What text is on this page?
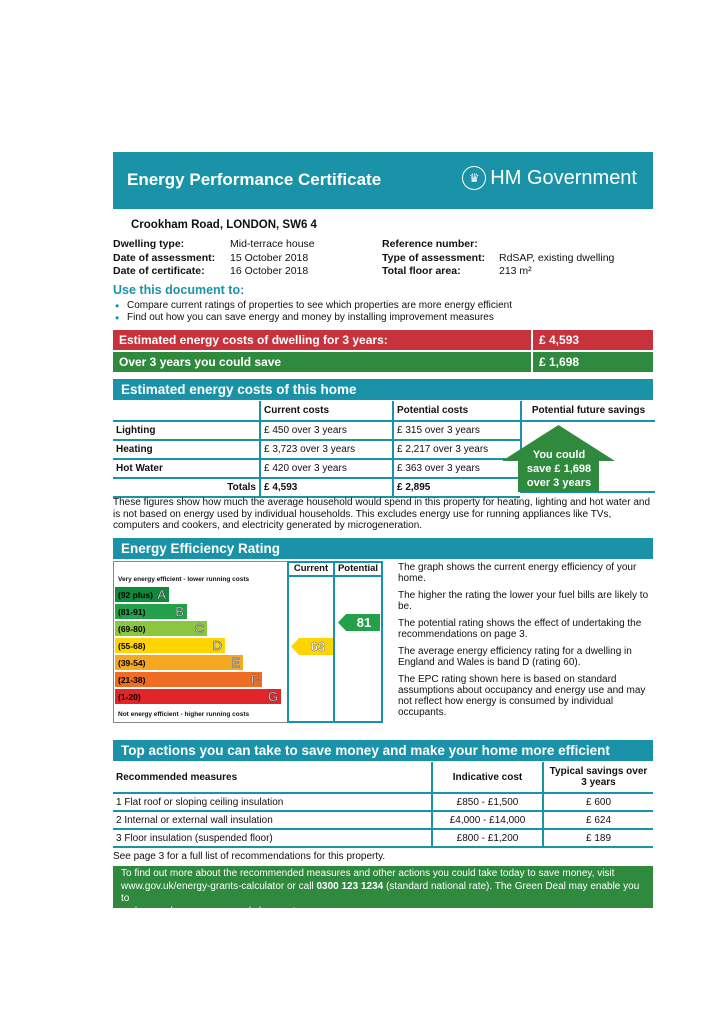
Energy Performance Certificate	♛ HM Government
Crookham Road, LONDON, SW6 4
Dwelling type:	Mid-terrace house
Date of assessment:	15 October 2018
Date of certificate:	16 October 2018
Reference number:
Type of assessment:	RdSAP, existing dwelling
Total floor area:	213 m²
Use this document to:
• Compare current ratings of properties to see which properties are more energy efficient
• Find out how you can save energy and money by installing improvement measures
Estimated energy costs of dwelling for 3 years:	£ 4,593
Over 3 years you could save	£ 1,698
Estimated energy costs of this home
	Current costs	Potential costs
Lighting	£ 450 over 3 years	£ 315 over 3 years
Heating	£ 3,723 over 3 years	£ 2,217 over 3 years
Hot Water	£ 420 over 3 years	£ 363 over 3 years
Totals	£ 4,593	£ 2,895
Potential future savings
You could
save £ 1,698
over 3 years
These figures show how much the average household would spend in this property for heating, lighting and hot water and is not based on energy used by individual households. This excludes energy use for running appliances like TVs, computers and cookers, and electricity generated by microgeneration.
Energy Efficiency Rating
Very energy efficient - lower running costs
Not energy efficient - higher running costs
(92 plus) A
(81-91) B
(69-80)	C
(55-68)	D
(39-54)	E
(21-38)	F
(1-20)	G
Current	Potential
63
81

The graph shows the current energy efficiency of your home.

The higher the rating the lower your fuel bills are likely to be.

The potential rating shows the effect of undertaking the recommendations on page 3.

The average energy efficiency rating for a dwelling in England and Wales is band D (rating 60).

The EPC rating shown here is based on standard assumptions about occupancy and energy use and may not reflect how energy is consumed by individual occupants.

Top actions you can take to save money and make your home more efficient
Recommended measures	Indicative cost	Typical savings over 3 years
1 Flat roof or sloping ceiling insulation	£850 - £1,500	£ 600
2 Internal or external wall insulation	£4,000 - £14,000	£ 624
3 Floor insulation (suspended floor)	£800 - £1,200	£ 189
See page 3 for a full list of recommendations for this property.
To find out more about the recommended measures and other actions you could take today to save money, visit
www.gov.uk/energy-grants-calculator or call 0300 123 1234 (standard national rate). The Green Deal may enable you to
make your home warmer and cheaper to run.
